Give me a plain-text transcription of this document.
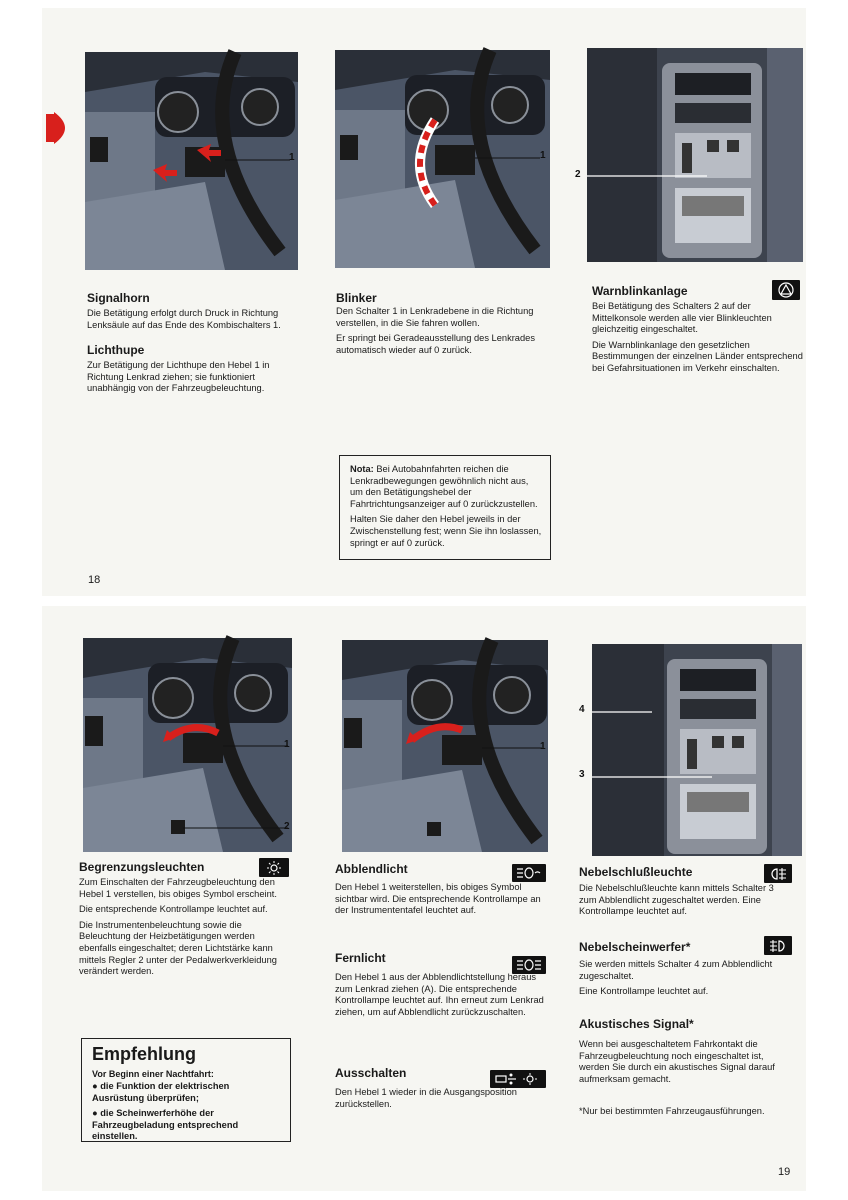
1	1
2
Signalhorn

Die Betätigung erfolgt durch Druck in Richtung Lenksäule auf das Ende des Kombischalters 1.

Lichthupe

Zur Betätigung der Lichthupe den Hebel 1 in Richtung Lenkrad ziehen; sie funktioniert unabhängig von der Fahrzeugbeleuchtung.

Blinker

Den Schalter 1 in Lenkradebene in die Richtung verstellen, in die Sie fahren wollen.

Er springt bei Geradeausstellung des Lenkrades automatisch wieder auf 0 zurück.

Nota: Bei Autobahnfahrten reichen die Lenkradbewegungen gewöhnlich nicht aus, um den Betätigungshebel der Fahrtrichtungsanzeiger auf 0 zurückzustellen.

Halten Sie daher den Hebel jeweils in der Zwischenstellung fest; wenn Sie ihn loslassen, springt er auf 0 zurück.

Warnblinkanlage

Bei Betätigung des Schalters 2 auf der Mittelkonsole werden alle vier Blinkleuchten gleichzeitig eingeschaltet.

Die Warnblinkanlage den gesetzlichen Bestimmungen der einzelnen Länder entsprechend bei Gefahrsituationen im Verkehr einschalten.

18
1
2
1
4
3
Begrenzungsleuchten

Zum Einschalten der Fahrzeugbeleuchtung den Hebel 1 verstellen, bis obiges Symbol erscheint.

Die entsprechende Kontrollampe leuchtet auf.

Die Instrumentenbeleuchtung sowie die Beleuchtung der Heizbetätigungen werden ebenfalls eingeschaltet; deren Lichtstärke kann mittels Regler 2 unter der Pedalwerkverkleidung verändert werden.

Empfehlung
Vor Beginn einer Nachtfahrt:

● die Funktion der elektrischen Ausrüstung überprüfen;

● die Scheinwerferhöhe der Fahrzeugbeladung entsprechend einstellen.

Abblendlicht

Den Hebel 1 weiterstellen, bis obiges Symbol sichtbar wird. Die entsprechende Kontrollampe an der Instrumententafel leuchtet auf.

Fernlicht

Den Hebel 1 aus der Abblendlichtstellung heraus zum Lenkrad ziehen (A). Die entsprechende Kontrollampe leuchtet auf. Ihn erneut zum Lenkrad ziehen, um auf Abblendlicht zurückzuschalten.

Ausschalten

Den Hebel 1 wieder in die Ausgangsposition zurückstellen.

Nebelschlußleuchte

Die Nebelschlußleuchte kann mittels Schalter 3 zum Abblendlicht zugeschaltet werden. Eine Kontrollampe leuchtet auf.

Nebelscheinwerfer*

Sie werden mittels Schalter 4 zum Abblendlicht zugeschaltet.

Eine Kontrollampe leuchtet auf.

Akustisches Signal*

Wenn bei ausgeschaltetem Fahrkontakt die Fahrzeugbeleuchtung noch eingeschaltet ist, werden Sie durch ein akustisches Signal darauf aufmerksam gemacht.

*Nur bei bestimmten Fahrzeugausführungen.
19
